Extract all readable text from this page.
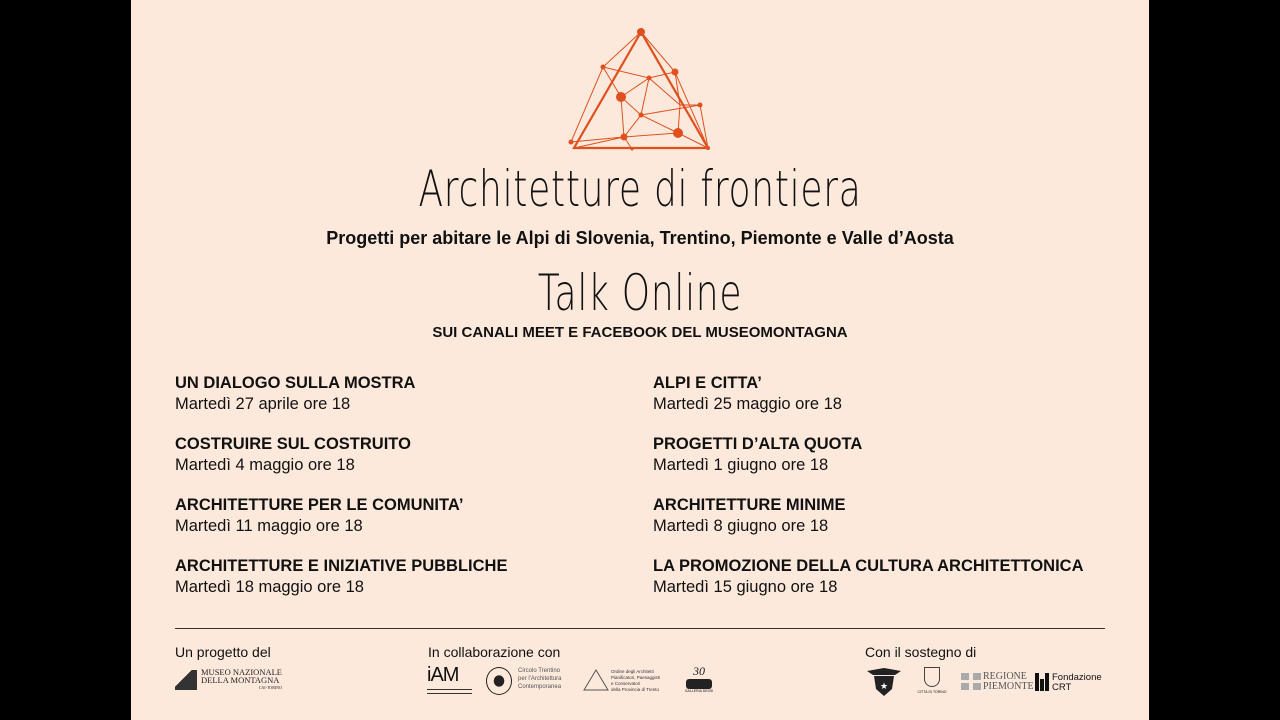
Architetture di frontiera
Progetti per abitare le Alpi di Slovenia, Trentino, Piemonte e Valle d’Aosta
Talk Online
SUI CANALI MEET E FACEBOOK DEL MUSEOMONTAGNA
UN DIALOGO SULLA MOSTRA
Martedì 27 aprile ore 18
COSTRUIRE SUL COSTRUITO
Martedì 4 maggio ore 18
ARCHITETTURE PER LE COMUNITA’
Martedì 11 maggio ore 18
ARCHITETTURE E INIZIATIVE PUBBLICHE
Martedì 18 maggio ore 18
ALPI E CITTA’
Martedì 25 maggio ore 18
PROGETTI D’ALTA QUOTA
Martedì 1 giugno ore 18
ARCHITETTURE MINIME
Martedì 8 giugno ore 18
LA PROMOZIONE DELLA CULTURA ARCHITETTONICA
Martedì 15 giugno ore 18
Un progetto del	In collaborazione con	Con il sostegno di
MUSEO NAZIONALE
DELLA MONTAGNA
CAI-TORINO
iAM	Circolo Trentino
per l'Architettura
Contemporanea
Ordine degli Architetti
Pianificatori, Paesaggisti
e Conservatori
della Provincia di Trento
30
GALLERIA DESSI	★
CITTÀ DI TORINO
REGIONE
PIEMONTE
Fondazione
CRT
